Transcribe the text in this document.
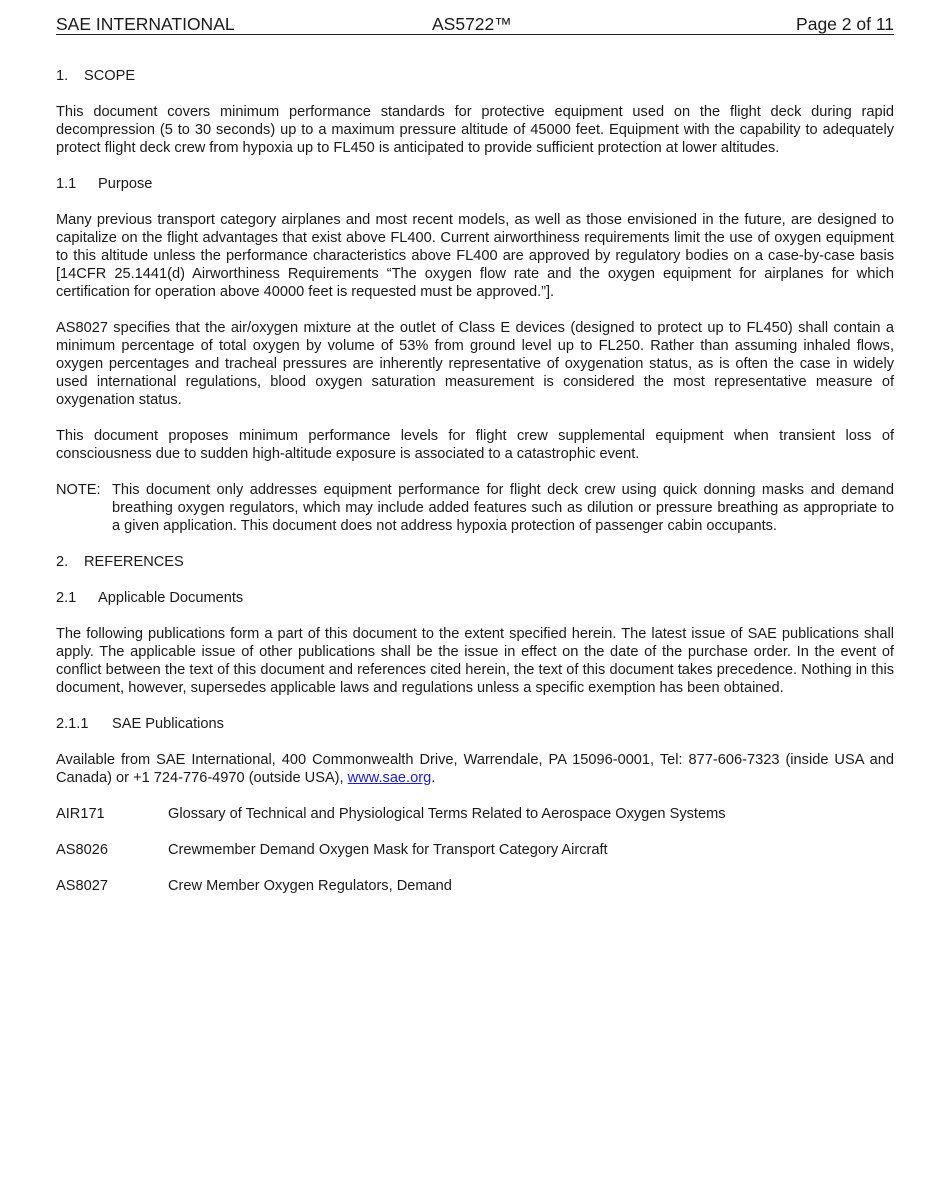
SAE INTERNATIONAL	AS5722™	Page 2 of 11
1. SCOPE

This document covers minimum performance standards for protective equipment used on the flight deck during rapid decompression (5 to 30 seconds) up to a maximum pressure altitude of 45000 feet. Equipment with the capability to adequately protect flight deck crew from hypoxia up to FL450 is anticipated to provide sufficient protection at lower altitudes.

1.1 Purpose

Many previous transport category airplanes and most recent models, as well as those envisioned in the future, are designed to capitalize on the flight advantages that exist above FL400. Current airworthiness requirements limit the use of oxygen equipment to this altitude unless the performance characteristics above FL400 are approved by regulatory bodies on a case-by-case basis [14CFR 25.1441(d) Airworthiness Requirements “The oxygen flow rate and the oxygen equipment for airplanes for which certification for operation above 40000 feet is requested must be approved.”].

AS8027 specifies that the air/oxygen mixture at the outlet of Class E devices (designed to protect up to FL450) shall contain a minimum percentage of total oxygen by volume of 53% from ground level up to FL250. Rather than assuming inhaled flows, oxygen percentages and tracheal pressures are inherently representative of oxygenation status, as is often the case in widely used international regulations, blood oxygen saturation measurement is considered the most representative measure of oxygenation status.

This document proposes minimum performance levels for flight crew supplemental equipment when transient loss of consciousness due to sudden high-altitude exposure is associated to a catastrophic event.

NOTE: This document only addresses equipment performance for flight deck crew using quick donning masks and demand breathing oxygen regulators, which may include added features such as dilution or pressure breathing as appropriate to a given application. This document does not address hypoxia protection of passenger cabin occupants.
2. REFERENCES
2.1 Applicable Documents

The following publications form a part of this document to the extent specified herein. The latest issue of SAE publications shall apply. The applicable issue of other publications shall be the issue in effect on the date of the purchase order. In the event of conflict between the text of this document and references cited herein, the text of this document takes precedence. Nothing in this document, however, supersedes applicable laws and regulations unless a specific exemption has been obtained.

2.1.1 SAE Publications

Available from SAE International, 400 Commonwealth Drive, Warrendale, PA 15096-0001, Tel: 877-606-7323 (inside USA and Canada) or +1 724-776-4970 (outside USA), www.sae.org.

AIR171	Glossary of Technical and Physiological Terms Related to Aerospace Oxygen Systems
AS8026	Crewmember Demand Oxygen Mask for Transport Category Aircraft
AS8027	Crew Member Oxygen Regulators, Demand
